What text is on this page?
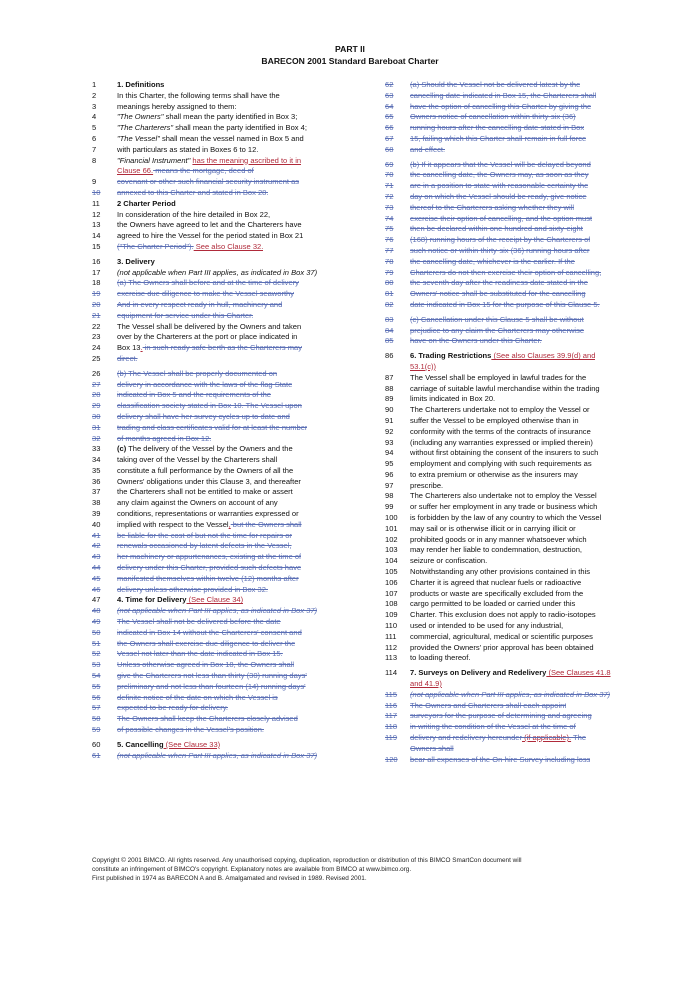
PART II
BARECON 2001 Standard Bareboat Charter
1	1. Definitions
2	In this Charter, the following terms shall have the
3	meanings hereby assigned to them:
4	"The Owners" shall mean the party identified in Box 3;
5	"The Charterers" shall mean the party identified in Box 4;
6	"The Vessel" shall mean the vessel named in Box 5 and
7	with particulars as stated in Boxes 6 to 12.
8	"Financial Instrument" has the meaning ascribed to it in
Clause 66. means the mortgage, deed of
9	covenant or other such financial security instrument as
10	annexed to this Charter and stated in Box 28.
11	2 Charter Period
12	In consideration of the hire detailed in Box 22,
13	the Owners have agreed to let and the Charterers have
14	agreed to hire the Vessel for the period stated in Box 21
15	("The Charter Period"). See also Clause 32.
16	3. Delivery
17	(not applicable when Part III applies, as indicated in Box 37)
18	(a) The Owners shall before and at the time of delivery
19	exercise due diligence to make the Vessel seaworthy
20	And in every respect ready in hull, machinery and
21	equipment for service under this Charter.
22	The Vessel shall be delivered by the Owners and taken
23	over by the Charterers at the port or place indicated in
24	Box 13. in such ready safe berth as the Charterers may
25	direct.
26	(b) The Vessel shall be properly documented on
27	delivery in accordance with the laws of the flag State
28	indicated in Box 5 and the requirements of the
29	classification society stated in Box 10. The Vessel upon
30	delivery shall have her survey cycles up to date and
31	trading and class certificates valid for at least the number
32	of months agreed in Box 12.
33	(c) The delivery of the Vessel by the Owners and the
34	taking over of the Vessel by the Charterers shall
35	constitute a full performance by the Owners of all the
36	Owners' obligations under this Clause 3, and thereafter
37	the Charterers shall not be entitled to make or assert
38	any claim against the Owners on account of any
39	conditions, representations or warranties expressed or
40	implied with respect to the Vessel, but the Owners shall
41	be liable for the cost of but not the time for repairs or
42	renewals occasioned by latent defects in the Vessel,
43	her machinery or appurtenances, existing at the time of
44	delivery under this Charter, provided such defects have
45	manifested themselves within twelve (12) months after
46	delivery unless otherwise provided in Box 32.
47	4. Time for Delivery (See Clause 34)
48	(not applicable when Part III applies, as indicated in Box 37)
49	The Vessel shall not be delivered before the date
50	indicated in Box 14 without the Charterers' consent and
51	the Owners shall exercise due diligence to deliver the
52	Vessel not later than the date indicated in Box 15.
53	Unless otherwise agreed in Box 18, the Owners shall
54	give the Charterers not less than thirty (30) running days'
55	preliminary and not less than fourteen (14) running days'
56	definite notice of the date on which the Vessel is
57	expected to be ready for delivery.
58	The Owners shall keep the Charterers closely advised
59	of possible changes in the Vessel's position.
60	5. Cancelling (See Clause 33)
61	(not applicable when Part III applies, as indicated in Box 37)
62	(a) Should the Vessel not be delivered latest by the
63	cancelling date indicated in Box 15, the Charterers shall
64	have the option of cancelling this Charter by giving the
65	Owners notice of cancellation within thirty-six (36)
66	running hours after the cancelling date stated in Box
67	15, failing which this Charter shall remain in full force
68	and effect.
69	(b) If it appears that the Vessel will be delayed beyond
70	the cancelling date, the Owners may, as soon as they
71	are in a position to state with reasonable certainty the
72	day on which the Vessel should be ready, give notice
73	thereof to the Charterers asking whether they will
74	exercise their option of cancelling, and the option must
75	then be declared within one hundred and sixty-eight
76	(168) running hours of the receipt by the Charterers of
77	such notice or within thirty-six (36) running hours after
78	the cancelling date, whichever is the earlier. If the
79	Charterers do not then exercise their option of cancelling,
80	the seventh day after the readiness date stated in the
81	Owners' notice shall be substituted for the cancelling
82	date indicated in Box 15 for the purpose of this Clause 5.
83	(c) Cancellation under this Clause 5 shall be without
84	prejudice to any claim the Charterers may otherwise
85	have on the Owners under this Charter.
86	6. Trading Restrictions (See also Clauses 39.9(d) and
53.1(c))
87	The Vessel shall be employed in lawful trades for the
88	carriage of suitable lawful merchandise within the trading
89	limits indicated in Box 20.
90	The Charterers undertake not to employ the Vessel or
91	suffer the Vessel to be employed otherwise than in
92	conformity with the terms of the contracts of insurance
93	(including any warranties expressed or implied therein)
94	without first obtaining the consent of the insurers to such
95	employment and complying with such requirements as
96	to extra premium or otherwise as the insurers may
97	prescribe.
98	The Charterers also undertake not to employ the Vessel
99	or suffer her employment in any trade or business which
100	is forbidden by the law of any country to which the Vessel
101	may sail or is otherwise illicit or in carrying illicit or
102	prohibited goods or in any manner whatsoever which
103	may render her liable to condemnation, destruction,
104	seizure or confiscation.
105	Notwithstanding any other provisions contained in this
106	Charter it is agreed that nuclear fuels or radioactive
107	products or waste are specifically excluded from the
108	cargo permitted to be loaded or carried under this
109	Charter. This exclusion does not apply to radio-isotopes
110	used or intended to be used for any industrial,
111	commercial, agricultural, medical or scientific purposes
112	provided the Owners' prior approval has been obtained
113	to loading thereof.
114	7. Surveys on Delivery and Redelivery (See Clauses 41.8
and 41.9)
115	(not applicable when Part III applies, as indicated in Box 37)
116	The Owners and Charterers shall each appoint
117	surveyors for the purpose of determining and agreeing
118	in writing the condition of the Vessel at the time of
119	delivery and redelivery hereunder (if applicable). The
Owners shall
120	bear all expenses of the On-hire Survey including loss
Copyright © 2001 BIMCO. All rights reserved. Any unauthorised copying, duplication, reproduction or distribution of this BIMCO SmartCon document will
constitute an infringement of BIMCO's copyright. Explanatory notes are available from BIMCO at www.bimco.org.
First published in 1974 as BARECON A and B. Amalgamated and revised in 1989. Revised 2001.
